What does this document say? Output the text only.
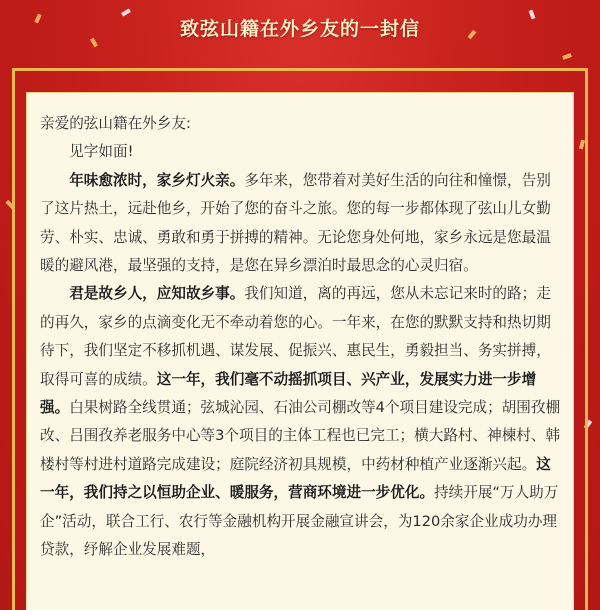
致弦山籍在外乡友的一封信

亲爱的弦山籍在外乡友:

见字如面!

年味愈浓时，家乡灯火亲。多年来，您带着对美好生活的向往和憧憬，告别了这片热土，远赴他乡，开始了您的奋斗之旅。您的每一步都体现了弦山儿女勤劳、朴实、忠诚、勇敢和勇于拼搏的精神。无论您身处何地，家乡永远是您最温暖的避风港，最坚强的支持，是您在异乡漂泊时最思念的心灵归宿。

君是故乡人，应知故乡事。我们知道，离的再远，您从未忘记来时的路；走的再久，家乡的点滴变化无不牵动着您的心。一年来，在您的默默支持和热切期待下，我们坚定不移抓机遇、谋发展、促振兴、惠民生，勇毅担当、务实拼搏，取得可喜的成绩。这一年，我们毫不动摇抓项目、兴产业，发展实力进一步增强。白果树路全线贯通；弦城沁园、石油公司棚改等4个项目建设完成；胡围孜棚改、吕围孜养老服务中心等3个项目的主体工程也已完工；横大路村、神楝村、韩楼村等村进村道路完成建设；庭院经济初具规模，中药材种植产业逐渐兴起。这一年，我们持之以恒助企业、暖服务，营商环境进一步优化。持续开展“万人助万企”活动，联合工行、农行等金融机构开展金融宣讲会，为120余家企业成功办理贷款，纾解企业发展难题，
